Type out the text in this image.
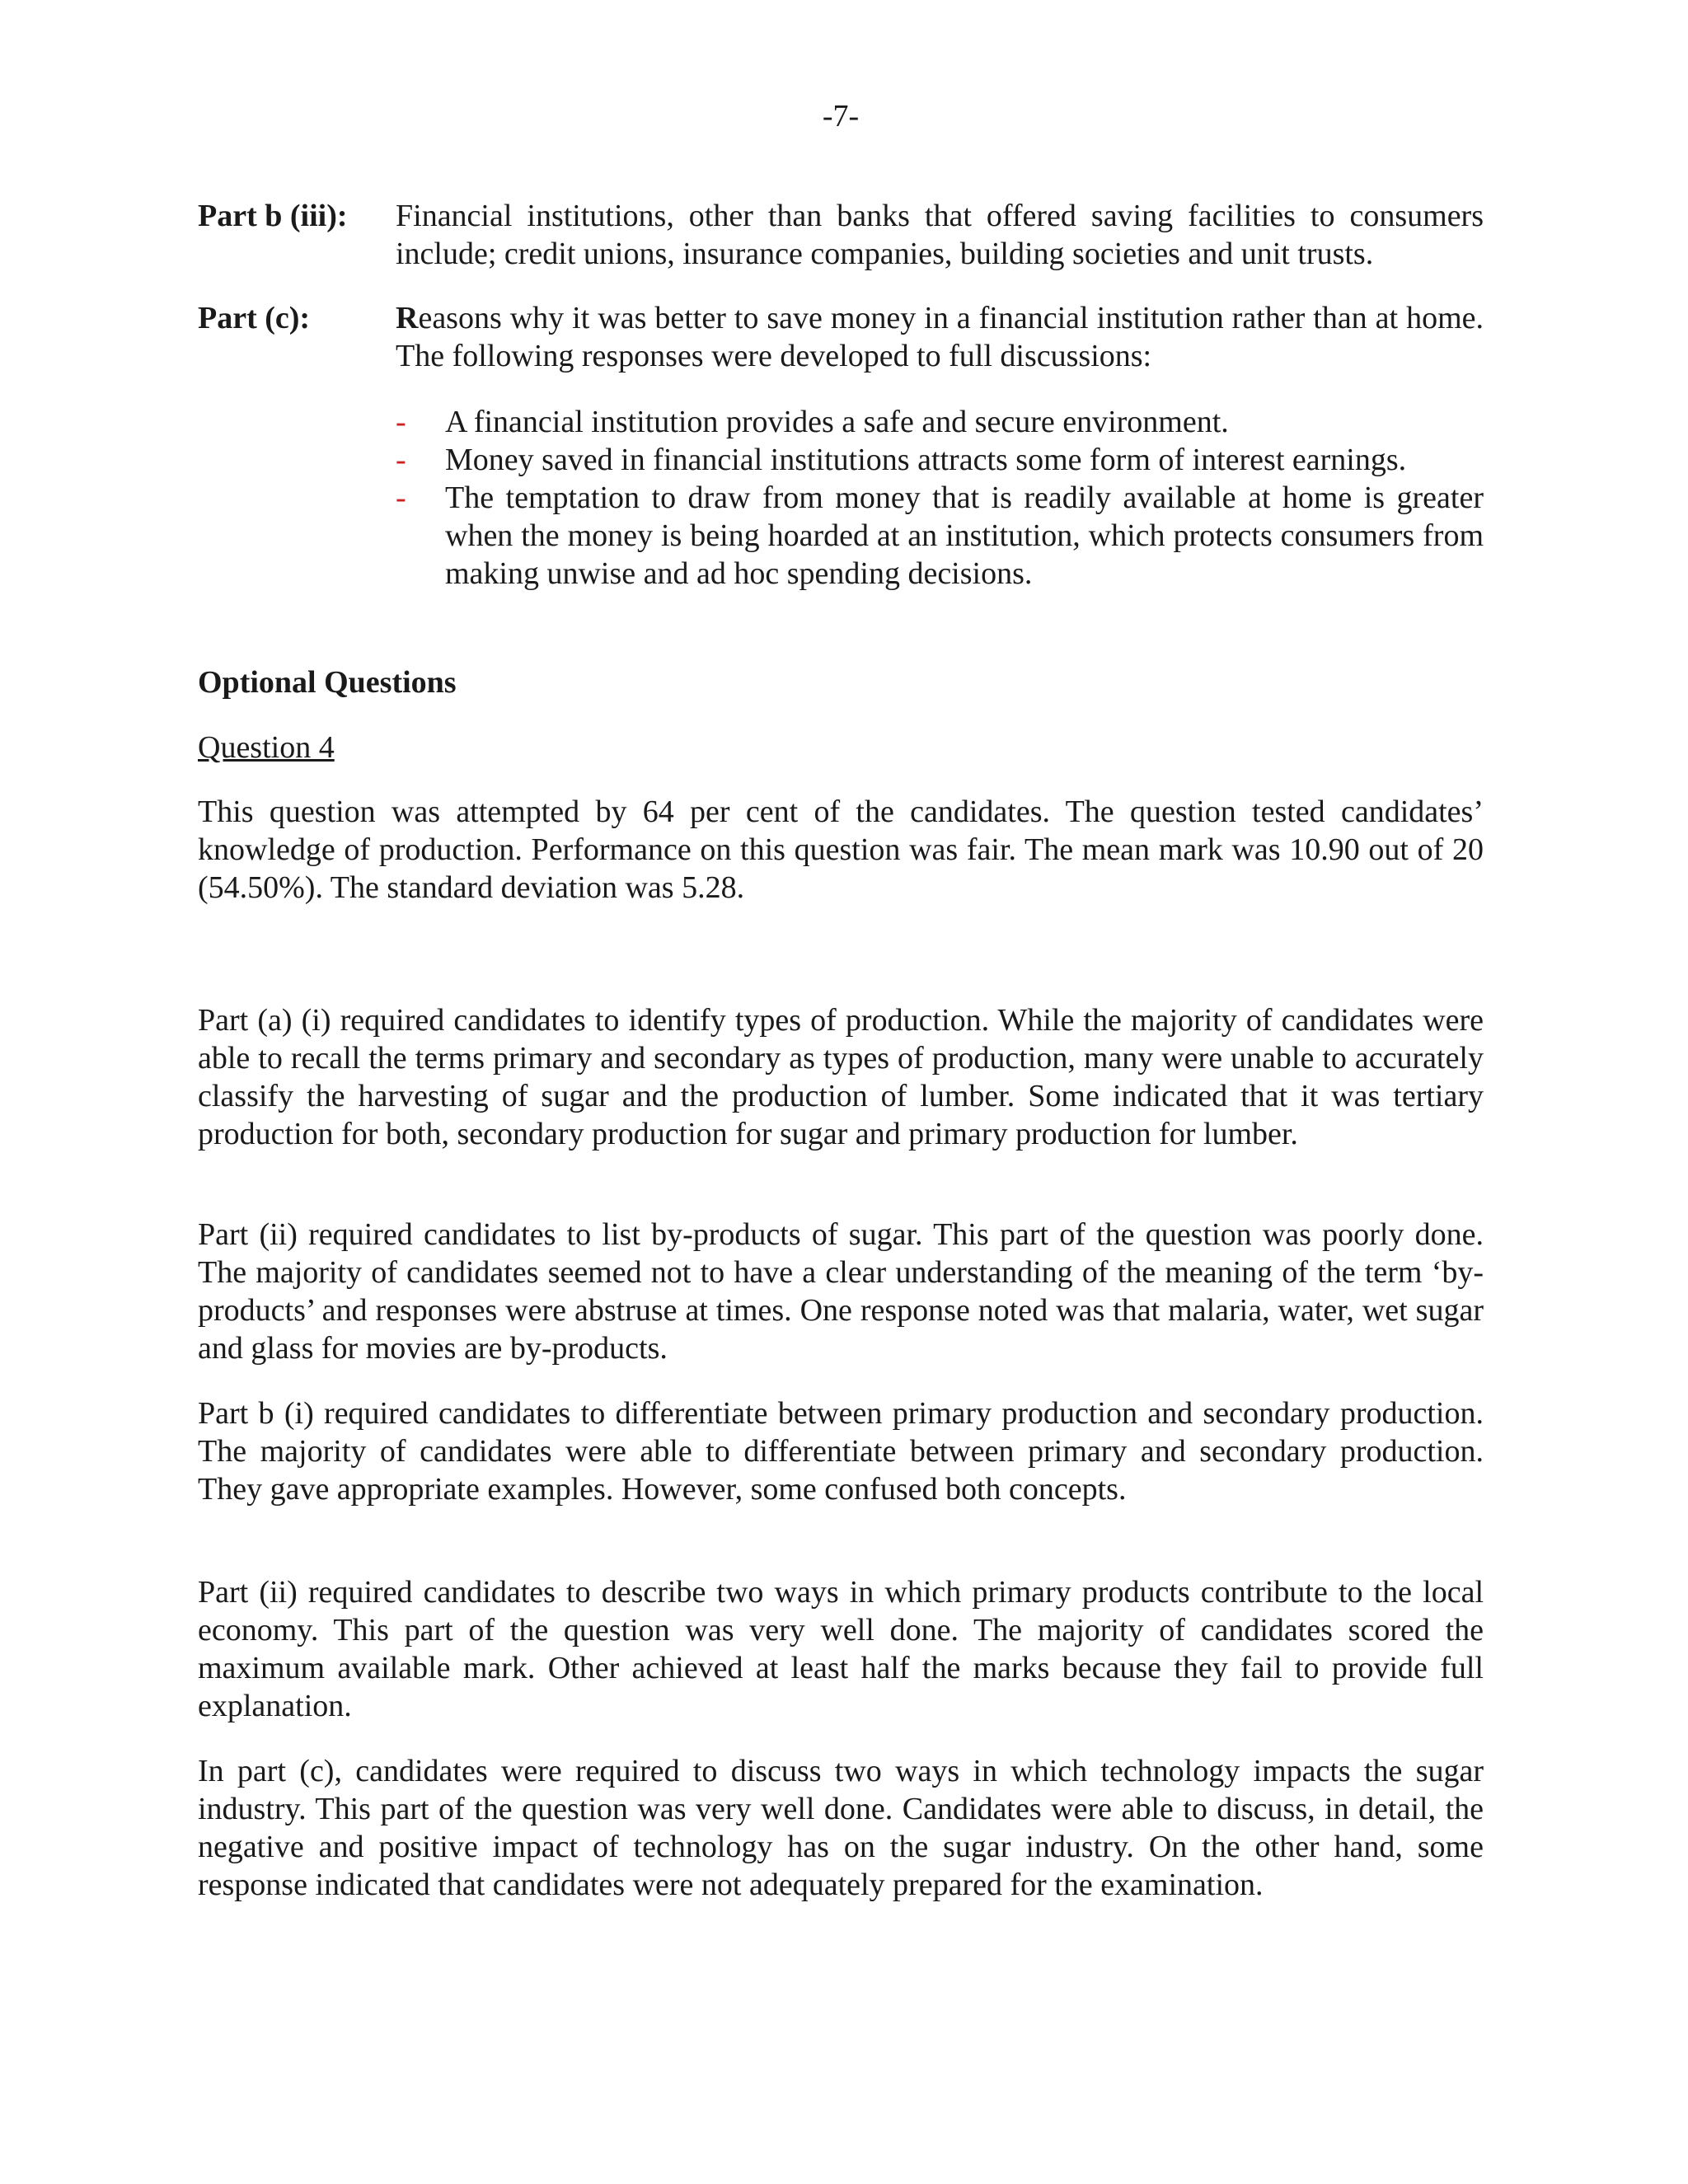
-7-
Part b (iii): Financial institutions, other than banks that offered saving facilities to consumers include; credit unions, insurance companies, building societies and unit trusts.

Part (c):	Reasons why it was better to save money in a financial institution rather than at home. The following responses were developed to full discussions:

- A financial institution provides a safe and secure environment.
- Money saved in financial institutions attracts some form of interest earnings.
- The temptation to draw from money that is readily available at home is greater when the money is being hoarded at an institution, which protects consumers from making unwise and ad hoc spending decisions.
Optional Questions
Question 4

This question was attempted by 64 per cent of the candidates. The question tested candidates’ knowledge of production. Performance on this question was fair. The mean mark was 10.90 out of 20 (54.50%). The standard deviation was 5.28.

Part (a) (i) required candidates to identify types of production. While the majority of candidates were able to recall the terms primary and secondary as types of production, many were unable to accurately classify the harvesting of sugar and the production of lumber. Some indicated that it was tertiary production for both, secondary production for sugar and primary production for lumber.

Part (ii) required candidates to list by-products of sugar. This part of the question was poorly done. The majority of candidates seemed not to have a clear understanding of the meaning of the term ‘by-products’ and responses were abstruse at times. One response noted was that malaria, water, wet sugar and glass for movies are by-products.

Part b (i) required candidates to differentiate between primary production and secondary production. The majority of candidates were able to differentiate between primary and secondary production. They gave appropriate examples. However, some confused both concepts.

Part (ii) required candidates to describe two ways in which primary products contribute to the local economy. This part of the question was very well done. The majority of candidates scored the maximum available mark. Other achieved at least half the marks because they fail to provide full explanation.

In part (c), candidates were required to discuss two ways in which technology impacts the sugar industry. This part of the question was very well done. Candidates were able to discuss, in detail, the negative and positive impact of technology has on the sugar industry. On the other hand, some response indicated that candidates were not adequately prepared for the examination.
